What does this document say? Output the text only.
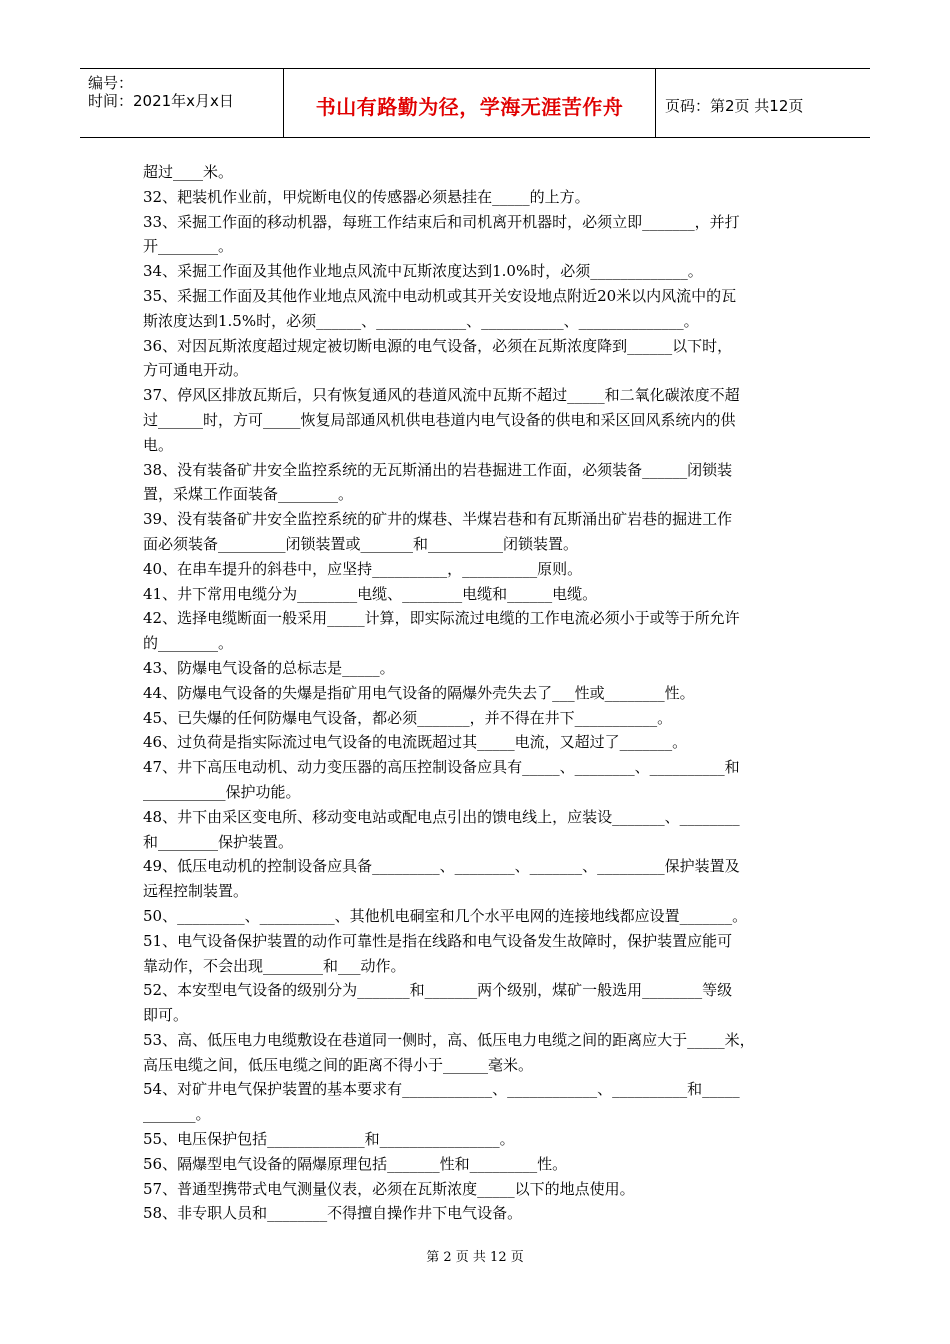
编号：
时间：2021年x月x日	书山有路勤为径，学海无涯苦作舟	页码：第2页 共12页
超过____米。
32、耙装机作业前，甲烷断电仪的传感器必须悬挂在_____的上方。
33、采掘工作面的移动机器，每班工作结束后和司机离开机器时，必须立即_______，并打
开________。
34、采掘工作面及其他作业地点风流中瓦斯浓度达到1.0%时，必须_____________。
35、采掘工作面及其他作业地点风流中电动机或其开关安设地点附近20米以内风流中的瓦
斯浓度达到1.5%时，必须______、____________、___________、______________。
36、对因瓦斯浓度超过规定被切断电源的电气设备，必须在瓦斯浓度降到______以下时，
方可通电开动。
37、停风区排放瓦斯后，只有恢复通风的巷道风流中瓦斯不超过_____和二氧化碳浓度不超
过______时，方可_____恢复局部通风机供电巷道内电气设备的供电和采区回风系统内的供
电。
38、没有装备矿井安全监控系统的无瓦斯涌出的岩巷掘进工作面，必须装备______闭锁装
置，采煤工作面装备________。
39、没有装备矿井安全监控系统的矿井的煤巷、半煤岩巷和有瓦斯涌出矿岩巷的掘进工作
面必须装备_________闭锁装置或_______和__________闭锁装置。
40、在串车提升的斜巷中，应坚持__________，__________原则。
41、井下常用电缆分为________电缆、________电缆和______电缆。
42、选择电缆断面一般采用_____计算，即实际流过电缆的工作电流必须小于或等于所允许
的________。
43、防爆电气设备的总标志是_____。
44、防爆电气设备的失爆是指矿用电气设备的隔爆外壳失去了___性或________性。
45、已失爆的任何防爆电气设备，都必须_______，并不得在井下___________。
46、过负荷是指实际流过电气设备的电流既超过其_____电流，又超过了_______。
47、井下高压电动机、动力变压器的高压控制设备应具有_____、________、__________和
___________保护功能。
48、井下由采区变电所、移动变电站或配电点引出的馈电线上，应装设_______、________
和________保护装置。
49、低压电动机的控制设备应具备_________、________、_______、_________保护装置及
远程控制装置。
50、_________、__________、其他机电硐室和几个水平电网的连接地线都应设置_______。
51、电气设备保护装置的动作可靠性是指在线路和电气设备发生故障时，保护装置应能可
靠动作，不会出现________和___动作。
52、本安型电气设备的级别分为_______和_______两个级别，煤矿一般选用________等级
即可。
53、高、低压电力电缆敷设在巷道同一侧时，高、低压电力电缆之间的距离应大于_____米，
高压电缆之间，低压电缆之间的距离不得小于______毫米。
54、对矿井电气保护装置的基本要求有____________、____________、__________和_____
_______。
55、电压保护包括_____________和________________。
56、隔爆型电气设备的隔爆原理包括_______性和_________性。
57、普通型携带式电气测量仪表，必须在瓦斯浓度_____以下的地点使用。
58、非专职人员和________不得擅自操作井下电气设备。
第 2 页 共 12 页
